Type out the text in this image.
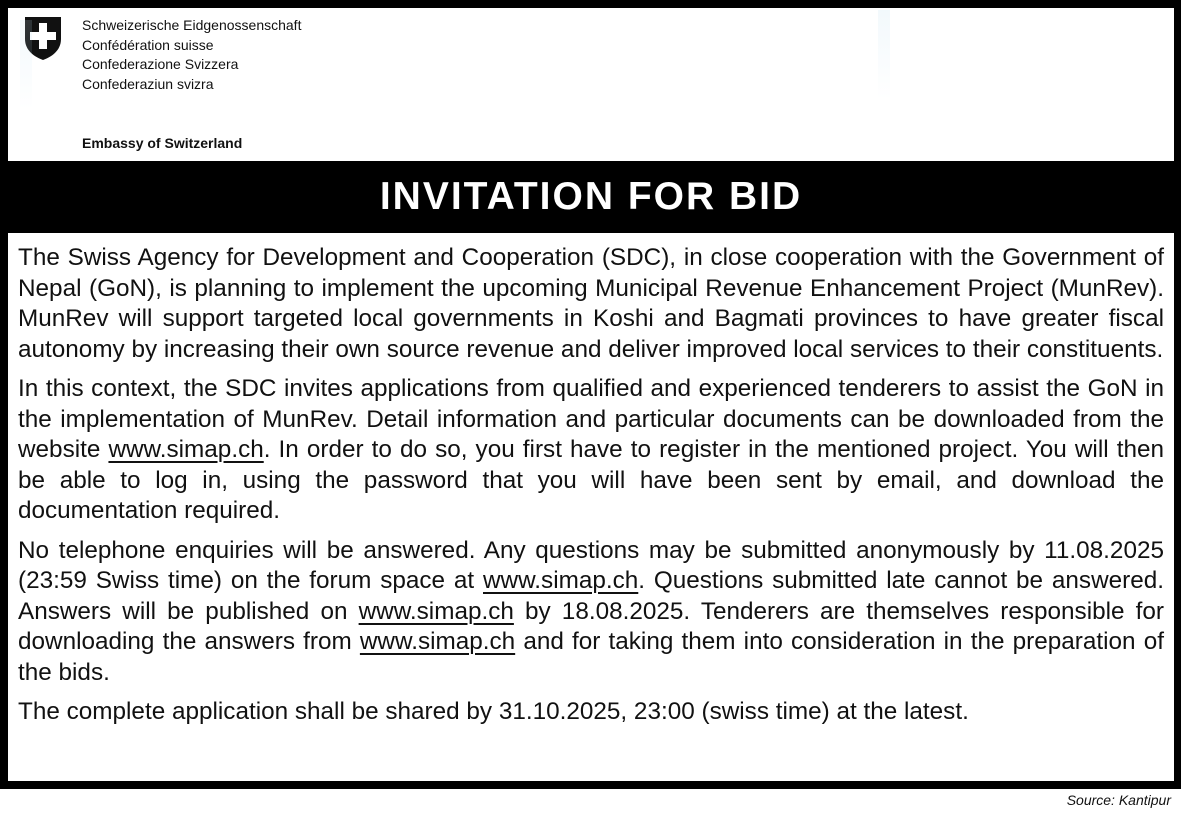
Schweizerische Eidgenossenschaft
Confédération suisse
Confederazione Svizzera
Confederaziun svizra
Embassy of Switzerland
INVITATION FOR BID

The Swiss Agency for Development and Cooperation (SDC), in close cooperation with the Government of Nepal (GoN), is planning to implement the upcoming Municipal Revenue Enhancement Project (MunRev). MunRev will support targeted local governments in Koshi and Bagmati provinces to have greater fiscal autonomy by increasing their own source revenue and deliver improved local services to their constituents.

In this context, the SDC invites applications from qualified and experienced tenderers to assist the GoN in the implementation of MunRev. Detail information and particular documents can be downloaded from the website www.simap.ch. In order to do so, you first have to register in the mentioned project. You will then be able to log in, using the password that you will have been sent by email, and download the documentation required.

No telephone enquiries will be answered. Any questions may be submitted anonymously by 11.08.2025 (23:59 Swiss time) on the forum space at www.simap.ch. Questions submitted late cannot be answered. Answers will be published on www.simap.ch by 18.08.2025. Tenderers are themselves responsible for downloading the answers from www.simap.ch and for taking them into consideration in the preparation of the bids.

The complete application shall be shared by 31.10.2025, 23:00 (swiss time) at the latest.

Source: Kantipur
